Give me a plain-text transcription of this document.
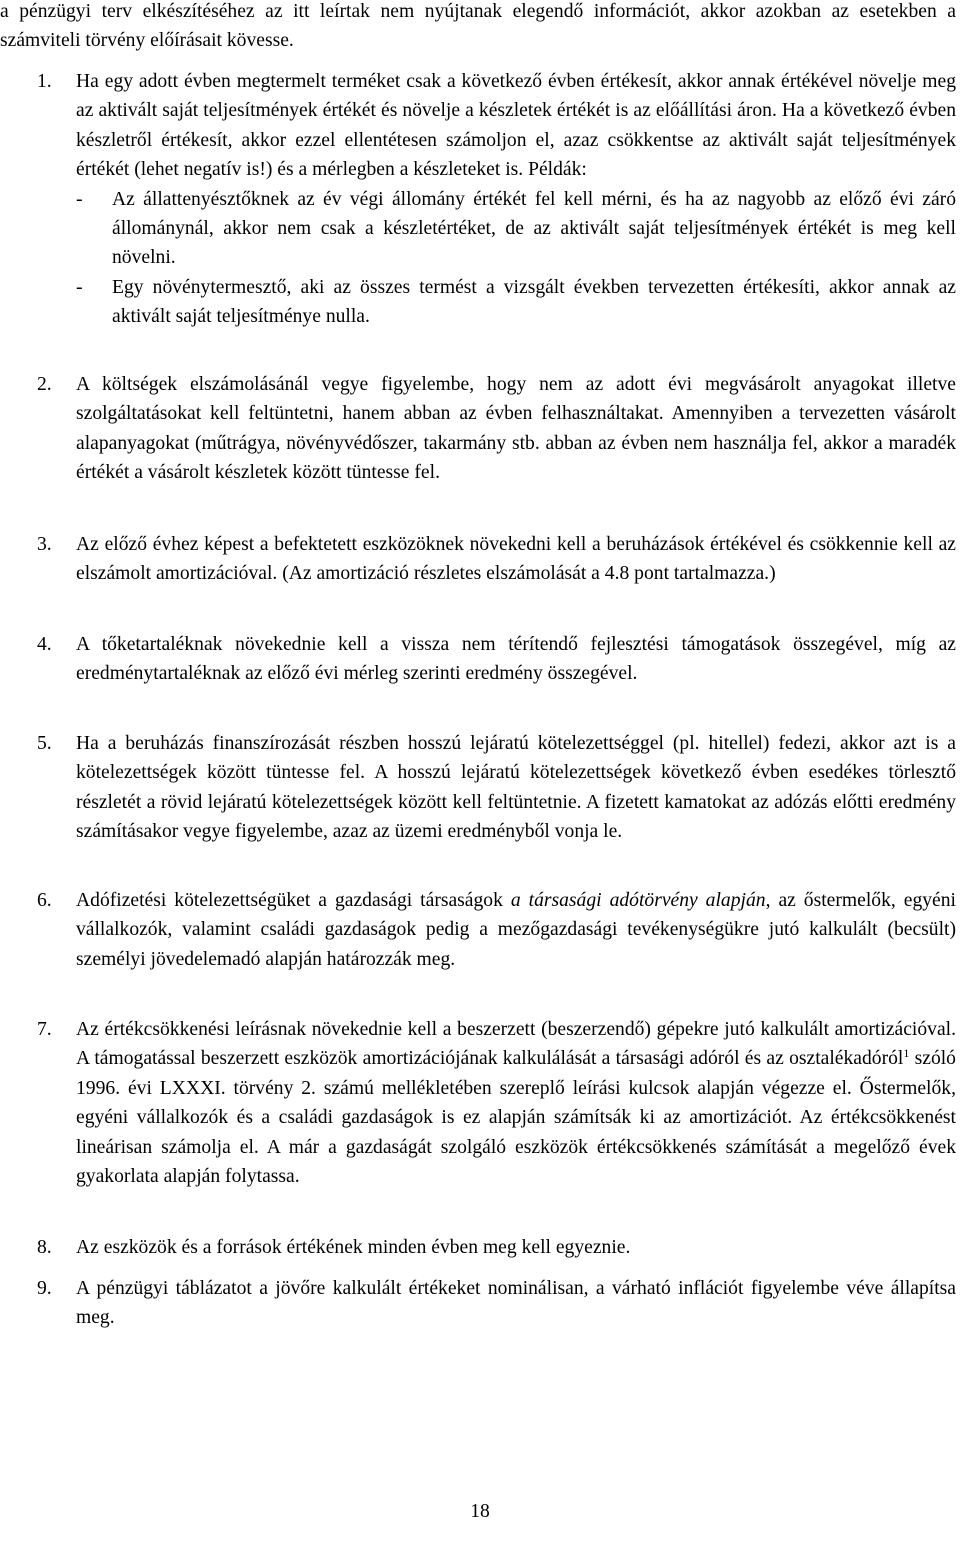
a pénzügyi terv elkészítéséhez az itt leírtak nem nyújtanak elegendő információt, akkor azokban az esetekben a számviteli törvény előírásait kövesse.

1. Ha egy adott évben megtermelt terméket csak a következő évben értékesít, akkor annak értékével növelje meg az aktivált saját teljesítmények értékét és növelje a készletek értékét is az előállítási áron. Ha a következő évben készletről értékesít, akkor ezzel ellentétesen számoljon el, azaz csökkentse az aktivált saját teljesítmények értékét (lehet negatív is!) és a mérlegben a készleteket is. Példák:
- Az állattenyésztőknek az év végi állomány értékét fel kell mérni, és ha az nagyobb az előző évi záró állománynál, akkor nem csak a készletértéket, de az aktivált saját teljesítmények értékét is meg kell növelni.
- Egy növénytermesztő, aki az összes termést a vizsgált években tervezetten értékesíti, akkor annak az aktivált saját teljesítménye nulla.
2. A költségek elszámolásánál vegye figyelembe, hogy nem az adott évi megvásárolt anyagokat illetve szolgáltatásokat kell feltüntetni, hanem abban az évben felhasználtakat. Amennyiben a tervezetten vásárolt alapanyagokat (műtrágya, növényvédőszer, takarmány stb. abban az évben nem használja fel, akkor a maradék értékét a vásárolt készletek között tüntesse fel.
3. Az előző évhez képest a befektetett eszközöknek növekedni kell a beruházások értékével és csökkennie kell az elszámolt amortizációval. (Az amortizáció részletes elszámolását a 4.8 pont tartalmazza.)
4. A tőketartaléknak növekednie kell a vissza nem térítendő fejlesztési támogatások összegével, míg az eredménytartaléknak az előző évi mérleg szerinti eredmény összegével.
5. Ha a beruházás finanszírozását részben hosszú lejáratú kötelezettséggel (pl. hitellel) fedezi, akkor azt is a kötelezettségek között tüntesse fel. A hosszú lejáratú kötelezettségek következő évben esedékes törlesztő részletét a rövid lejáratú kötelezettségek között kell feltüntetnie. A fizetett kamatokat az adózás előtti eredmény számításakor vegye figyelembe, azaz az üzemi eredményből vonja le.
6. Adófizetési kötelezettségüket a gazdasági társaságok a társasági adótörvény alapján, az őstermelők, egyéni vállalkozók, valamint családi gazdaságok pedig a mezőgazdasági tevékenységükre jutó kalkulált (becsült) személyi jövedelemadó alapján határozzák meg.
7. Az értékcsökkenési leírásnak növekednie kell a beszerzett (beszerzendő) gépekre jutó kalkulált amortizációval. A támogatással beszerzett eszközök amortizációjának kalkulálását a társasági adóról és az osztalékadóról$^1$ szóló 1996. évi LXXXI. törvény 2. számú mellékletében szereplő leírási kulcsok alapján végezze el. Őstermelők, egyéni vállalkozók és a családi gazdaságok is ez alapján számítsák ki az amortizációt. Az értékcsökkenést lineárisan számolja el. A már a gazdaságát szolgáló eszközök értékcsökkenés számítását a megelőző évek gyakorlata alapján folytassa.
8. Az eszközök és a források értékének minden évben meg kell egyeznie.
9. A pénzügyi táblázatot a jövőre kalkulált értékeket nominálisan, a várható inflációt figyelembe véve állapítsa meg.
18
